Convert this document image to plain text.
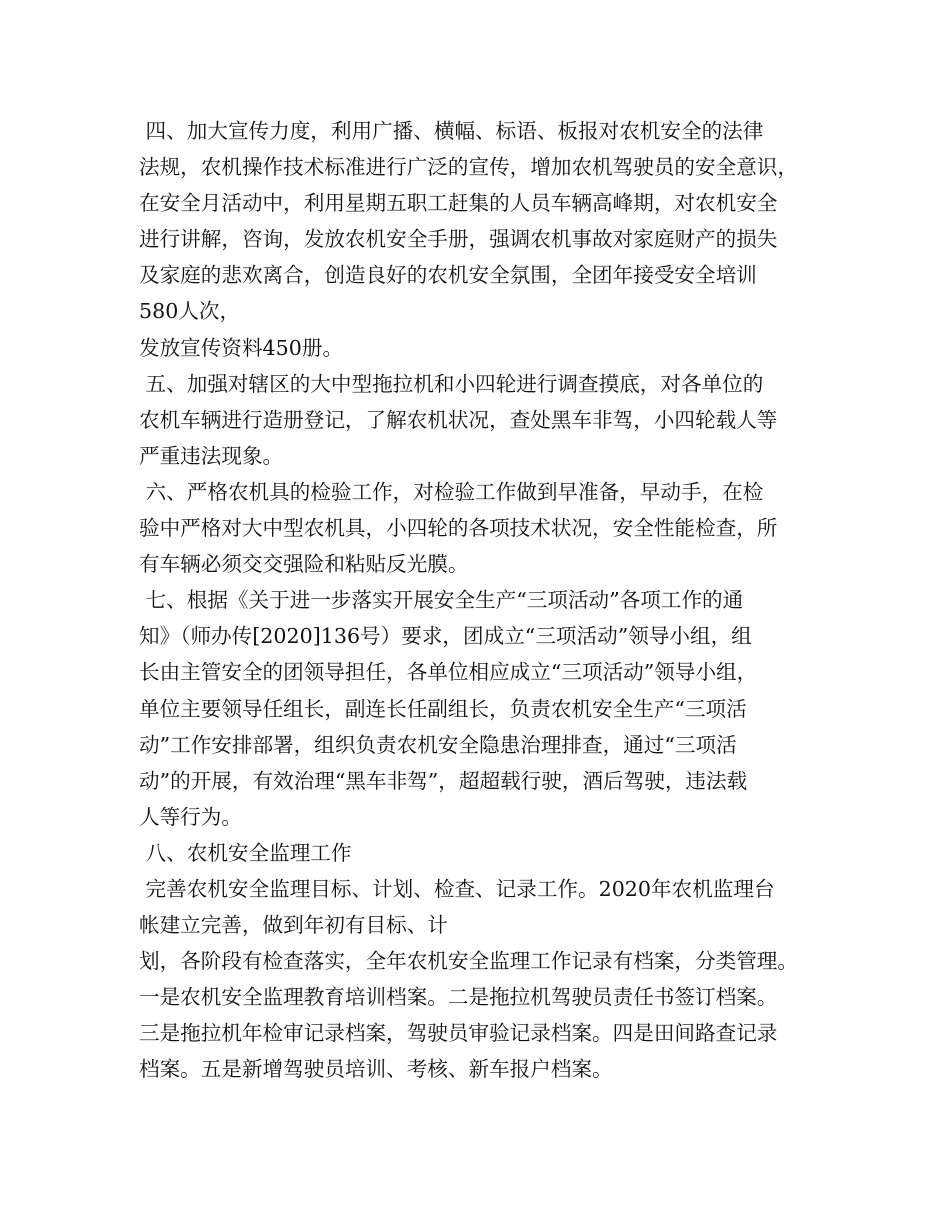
四、加大宣传力度，利用广播、横幅、标语、板报对农机安全的法律
法规，农机操作技术标准进行广泛的宣传，增加农机驾驶员的安全意识，
在安全月活动中，利用星期五职工赶集的人员车辆高峰期，对农机安全
进行讲解，咨询，发放农机安全手册，强调农机事故对家庭财产的损失
及家庭的悲欢离合，创造良好的农机安全氛围，全团年接受安全培训
580人次，
发放宣传资料450册。
五、加强对辖区的大中型拖拉机和小四轮进行调查摸底，对各单位的
农机车辆进行造册登记，了解农机状况，查处黑车非驾，小四轮载人等
严重违法现象。
六、严格农机具的检验工作，对检验工作做到早准备，早动手，在检
验中严格对大中型农机具，小四轮的各项技术状况，安全性能检查，所
有车辆必须交交强险和粘贴反光膜。
七、根据《关于进一步落实开展安全生产“三项活动”各项工作的通
知》（师办传[2020]136号）要求，团成立“三项活动”领导小组，组
长由主管安全的团领导担任，各单位相应成立“三项活动”领导小组，
单位主要领导任组长，副连长任副组长，负责农机安全生产“三项活
动”工作安排部署，组织负责农机安全隐患治理排查，通过“三项活
动”的开展，有效治理“黑车非驾”，超超载行驶，酒后驾驶，违法载
人等行为。
八、农机安全监理工作
完善农机安全监理目标、计划、检查、记录工作。2020年农机监理台
帐建立完善，做到年初有目标、计
划，各阶段有检查落实，全年农机安全监理工作记录有档案，分类管理。
一是农机安全监理教育培训档案。二是拖拉机驾驶员责任书签订档案。
三是拖拉机年检审记录档案，驾驶员审验记录档案。四是田间路查记录
档案。五是新增驾驶员培训、考核、新车报户档案。
